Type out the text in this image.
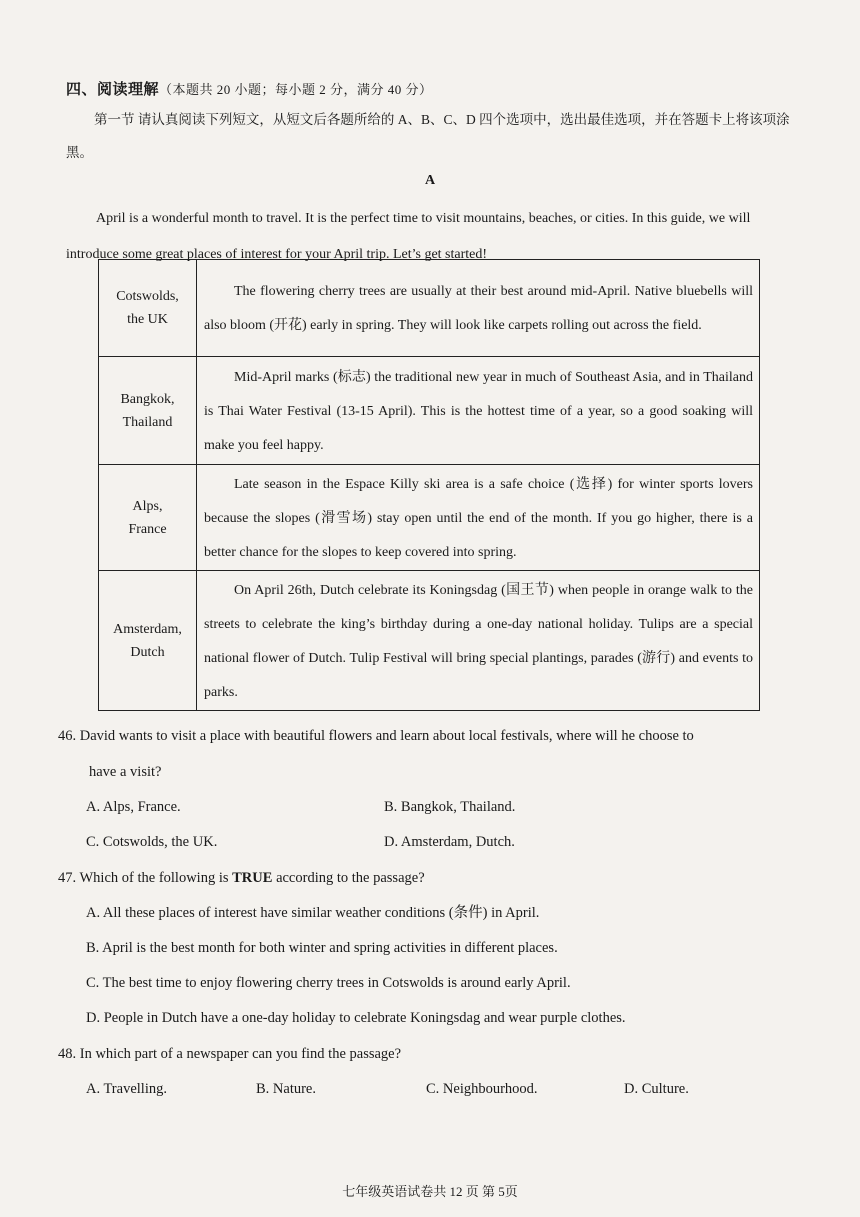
四、阅读理解（本题共 20 小题；每小题 2 分，满分 40 分）
第一节 请认真阅读下列短文，从短文后各题所给的 A、B、C、D 四个选项中，选出最佳选项，并在答题卡上将该项涂黑。
A
April is a wonderful month to travel. It is the perfect time to visit mountains, beaches, or cities. In this guide, we will introduce some great places of interest for your April trip. Let’s get started!
Cotswolds,
the UK	The flowering cherry trees are usually at their best around mid-April. Native bluebells will also bloom (开花) early in spring. They will look like carpets rolling out across the field.
Bangkok,
Thailand	Mid-April marks (标志) the traditional new year in much of Southeast Asia, and in Thailand is Thai Water Festival (13-15 April). This is the hottest time of a year, so a good soaking will make you feel happy.
Alps,
France	Late season in the Espace Killy ski area is a safe choice (选择) for winter sports lovers because the slopes (滑雪场) stay open until the end of the month. If you go higher, there is a better chance for the slopes to keep covered into spring.
Amsterdam,
Dutch	On April 26th, Dutch celebrate its Koningsdag (国王节) when people in orange walk to the streets to celebrate the king’s birthday during a one-day national holiday. Tulips are a special national flower of Dutch. Tulip Festival will bring special plantings, parades (游行) and events to parks.
46. David wants to visit a place with beautiful flowers and learn about local festivals, where will he choose to
have a visit?
A. Alps, France.	B. Bangkok, Thailand.
C. Cotswolds, the UK.	D. Amsterdam, Dutch.
47. Which of the following is TRUE according to the passage?
A. All these places of interest have similar weather conditions (条件) in April.
B. April is the best month for both winter and spring activities in different places.
C. The best time to enjoy flowering cherry trees in Cotswolds is around early April.
D. People in Dutch have a one-day holiday to celebrate Koningsdag and wear purple clothes.
48. In which part of a newspaper can you find the passage?
A. Travelling.	B. Nature.	C. Neighbourhood.	D. Culture.
七年级英语试卷共 12 页 第 5页
